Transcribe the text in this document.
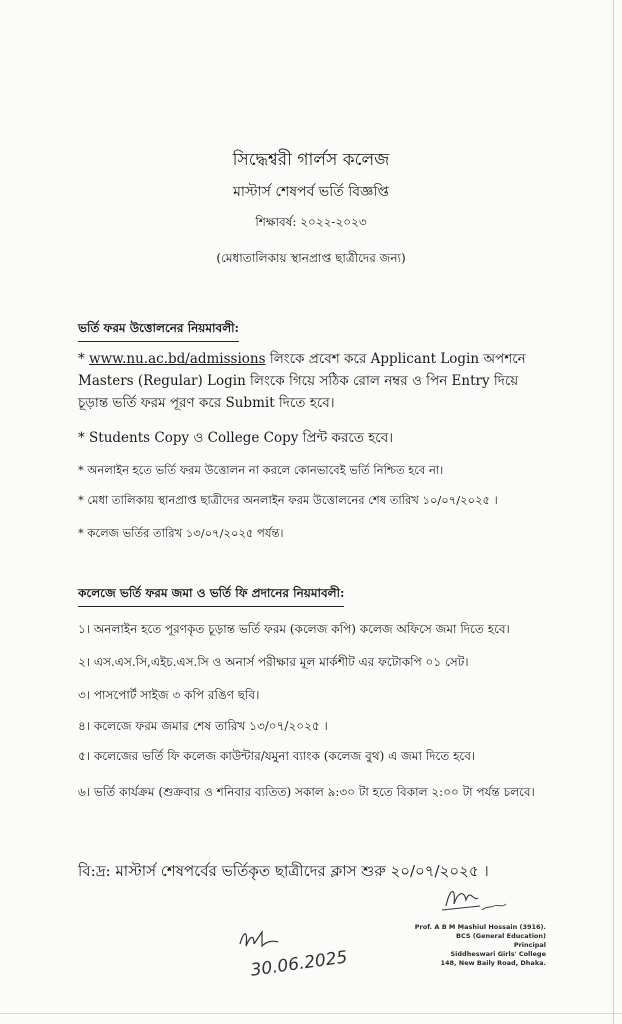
সিদ্ধেশ্বরী গার্লস কলেজ
মাস্টার্স শেষপর্ব ভর্তি বিজ্ঞপ্তি
শিক্ষাবর্ষ: ২০২২-২০২৩
(মেধাতালিকায় স্থানপ্রাপ্ত ছাত্রীদের জন্য)
ভর্তি ফরম উত্তোলনের নিয়মাবলী:
* www.nu.ac.bd/admissions লিংকে প্রবেশ করে Applicant Login অপশনে Masters (Regular) Login লিংকে গিয়ে সঠিক রোল নম্বর ও পিন Entry দিয়ে চূড়ান্ত ভর্তি ফরম পূরণ করে Submit দিতে হবে।
* Students Copy ও College Copy প্রিন্ট করতে হবে।
* অনলাইন হতে ভর্তি ফরম উত্তোলন না করলে কোনভাবেই ভর্তি নিশ্চিত হবে না।
* মেধা তালিকায় স্থানপ্রাপ্ত ছাত্রীদের অনলাইন ফরম উত্তোলনের শেষ তারিখ ১০/০৭/২০২৫ ।
* কলেজ ভর্তির তারিখ ১৩/০৭/২০২৫ পর্যন্ত।
কলেজে ভর্তি ফরম জমা ও ভর্তি ফি প্রদানের নিয়মাবলী:
১। অনলাইন হতে পূরণকৃত চূড়ান্ত ভর্তি ফরম (কলেজ কপি) কলেজ অফিসে জমা দিতে হবে।
২। এস.এস.সি,এইচ.এস.সি ও অনার্স পরীক্ষার মূল মার্কশীট এর ফটোকপি ০১ সেট।
৩। পাসপোর্ট সাইজ ৩ কপি রঙিণ ছবি।
৪। কলেজে ফরম জমার শেষ তারিখ ১৩/০৭/২০২৫ ।
৫। কলেজের ভর্তি ফি কলেজ কাউন্টার/যমুনা ব্যাংক (কলেজ বুথ) এ জমা দিতে হবে।
৬। ভর্তি কার্যক্রম (শুক্রবার ও শনিবার ব্যতিত) সকাল ৯:৩০ টা হতে বিকাল ২:০০ টা পর্যন্ত চলবে।
বি:দ্র: মাস্টার্স শেষপর্বের ভর্তিকৃত ছাত্রীদের ক্লাস শুরু ২০/০৭/২০২৫ ।
30.06.2025
Prof. A B M Mashiul Hossain (3916).
BCS (General Education)
Principal
Siddheswari Girls' College
148, New Baily Road, Dhaka.
